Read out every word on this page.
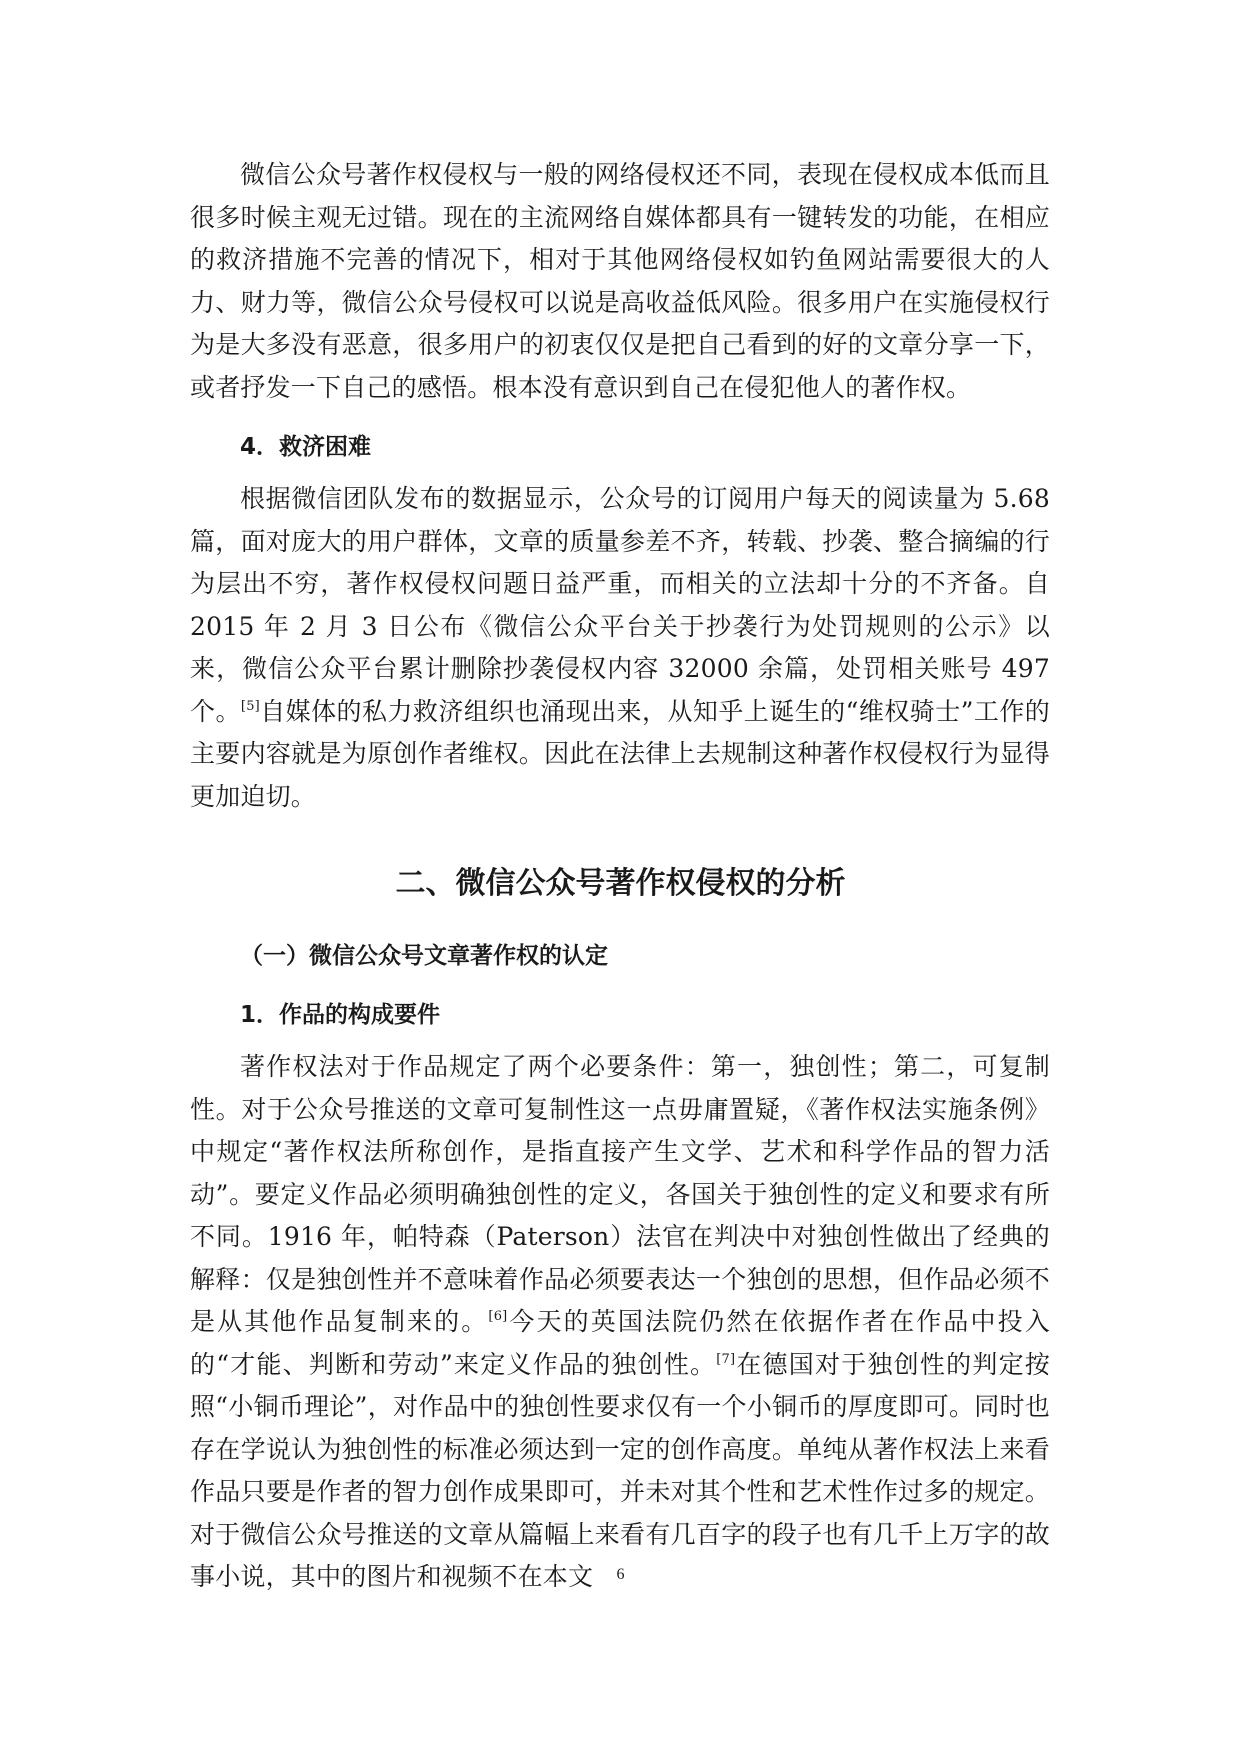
微信公众号著作权侵权与一般的网络侵权还不同，表现在侵权成本低而且很多时候主观无过错。现在的主流网络自媒体都具有一键转发的功能，在相应的救济措施不完善的情况下，相对于其他网络侵权如钓鱼网站需要很大的人力、财力等，微信公众号侵权可以说是高收益低风险。很多用户在实施侵权行为是大多没有恶意，很多用户的初衷仅仅是把自己看到的好的文章分享一下，或者抒发一下自己的感悟。根本没有意识到自己在侵犯他人的著作权。

4．救济困难

根据微信团队发布的数据显示，公众号的订阅用户每天的阅读量为 5.68 篇，面对庞大的用户群体，文章的质量参差不齐，转载、抄袭、整合摘编的行为层出不穷，著作权侵权问题日益严重，而相关的立法却十分的不齐备。自 2015 年 2 月 3 日公布《微信公众平台关于抄袭行为处罚规则的公示》以来，微信公众平台累计删除抄袭侵权内容 32000 余篇，处罚相关账号 497 个。[5]自媒体的私力救济组织也涌现出来，从知乎上诞生的“维权骑士”工作的主要内容就是为原创作者维权。因此在法律上去规制这种著作权侵权行为显得更加迫切。

二、微信公众号著作权侵权的分析
（一）微信公众号文章著作权的认定
1．作品的构成要件

著作权法对于作品规定了两个必要条件：第一，独创性；第二，可复制性。对于公众号推送的文章可复制性这一点毋庸置疑，《著作权法实施条例》中规定“著作权法所称创作，是指直接产生文学、艺术和科学作品的智力活动”。要定义作品必须明确独创性的定义，各国关于独创性的定义和要求有所不同。1916 年，帕特森（Paterson）法官在判决中对独创性做出了经典的解释：仅是独创性并不意味着作品必须要表达一个独创的思想，但作品必须不是从其他作品复制来的。[6]今天的英国法院仍然在依据作者在作品中投入的“才能、判断和劳动”来定义作品的独创性。[7]在德国对于独创性的判定按照“小铜币理论”，对作品中的独创性要求仅有一个小铜币的厚度即可。同时也存在学说认为独创性的标准必须达到一定的创作高度。单纯从著作权法上来看作品只要是作者的智力创作成果即可，并未对其个性和艺术性作过多的规定。对于微信公众号推送的文章从篇幅上来看有几百字的段子也有几千上万字的故事小说，其中的图片和视频不在本文	6
